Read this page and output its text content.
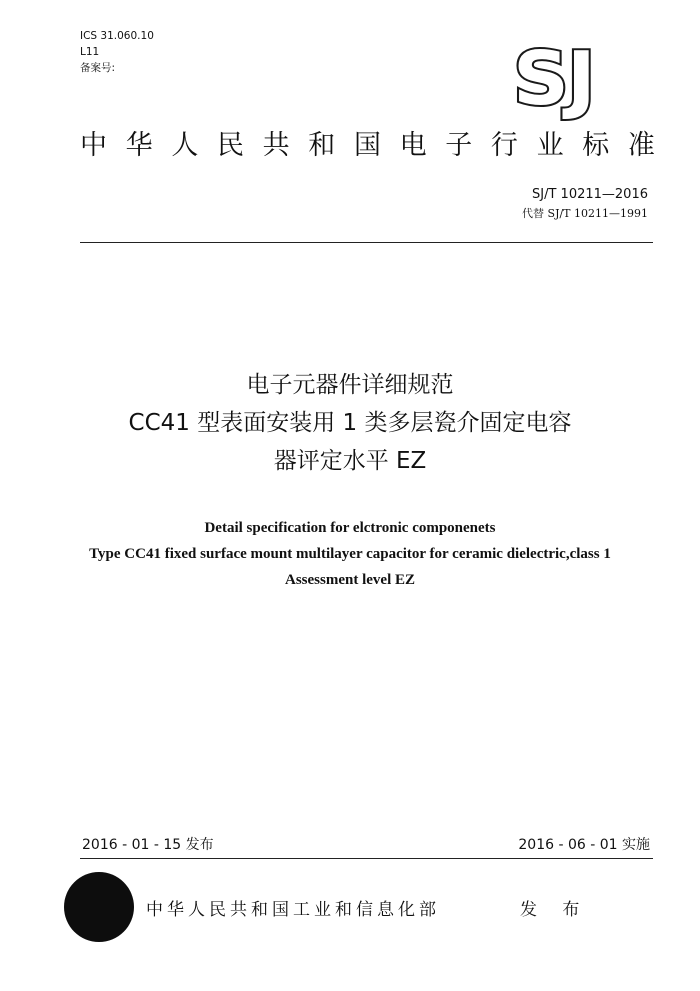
ICS 31.060.10
L11
备案号:	SJ
中 华 人 民 共 和 国 电 子 行 业 标 准
SJ/T 10211—2016
代替 SJ/T 10211—1991
电子元器件详细规范
CC41 型表面安装用 1 类多层瓷介固定电容
器评定水平 EZ
Detail specification for elctronic componenets
Type CC41 fixed surface mount multilayer capacitor for ceramic dielectric,class 1
Assessment level EZ
2016 - 01 - 15 发布	2016 - 06 - 01 实施
中华人民共和国工业和信息化部	发 布
